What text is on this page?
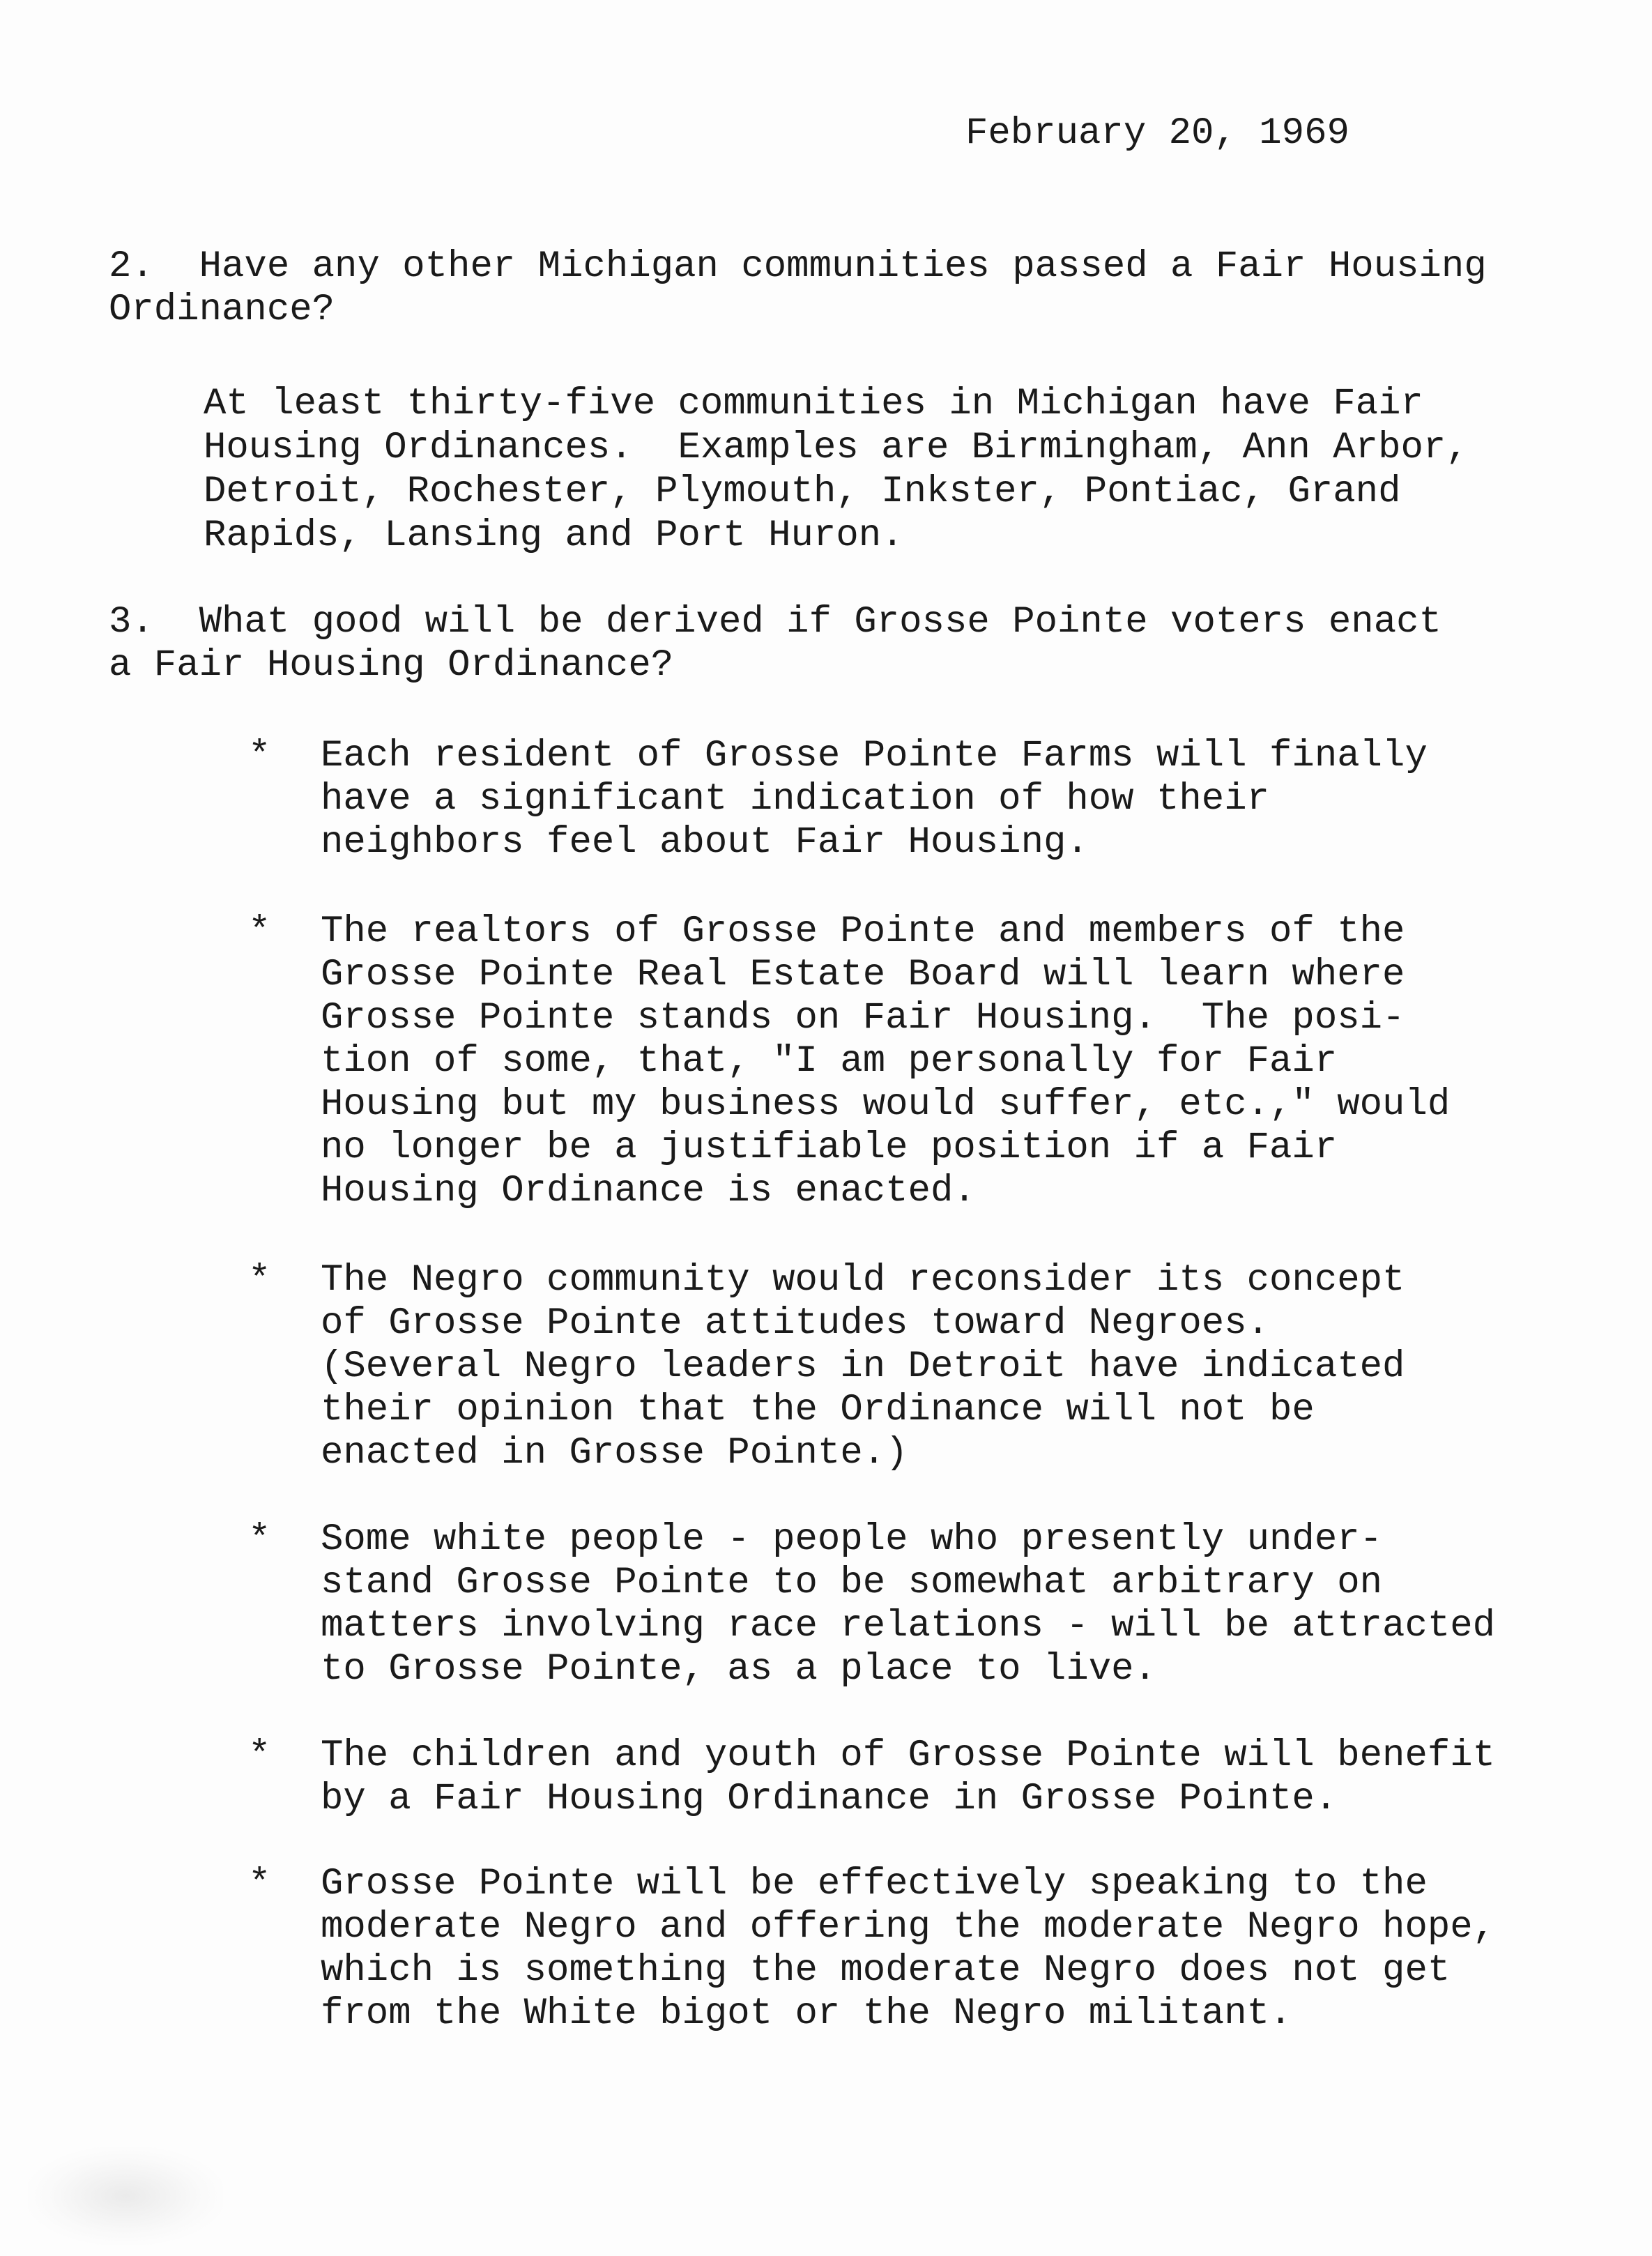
February 20, 1969
2.  Have any other Michigan communities passed a Fair Housing
Ordinance?
At least thirty-five communities in Michigan have Fair
Housing Ordinances.  Examples are Birmingham, Ann Arbor,
Detroit, Rochester, Plymouth, Inkster, Pontiac, Grand
Rapids, Lansing and Port Huron.
3.  What good will be derived if Grosse Pointe voters enact
a Fair Housing Ordinance?
* Each resident of Grosse Pointe Farms will finally
have a significant indication of how their
neighbors feel about Fair Housing.
* The realtors of Grosse Pointe and members of the
Grosse Pointe Real Estate Board will learn where
Grosse Pointe stands on Fair Housing.  The posi-
tion of some, that, "I am personally for Fair
Housing but my business would suffer, etc.," would
no longer be a justifiable position if a Fair
Housing Ordinance is enacted.
* The Negro community would reconsider its concept
of Grosse Pointe attitudes toward Negroes.
(Several Negro leaders in Detroit have indicated
their opinion that the Ordinance will not be
enacted in Grosse Pointe.)
* Some white people - people who presently under-
stand Grosse Pointe to be somewhat arbitrary on
matters involving race relations - will be attracted
to Grosse Pointe, as a place to live.
* The children and youth of Grosse Pointe will benefit
by a Fair Housing Ordinance in Grosse Pointe.
* Grosse Pointe will be effectively speaking to the
moderate Negro and offering the moderate Negro hope,
which is something the moderate Negro does not get
from the White bigot or the Negro militant.
